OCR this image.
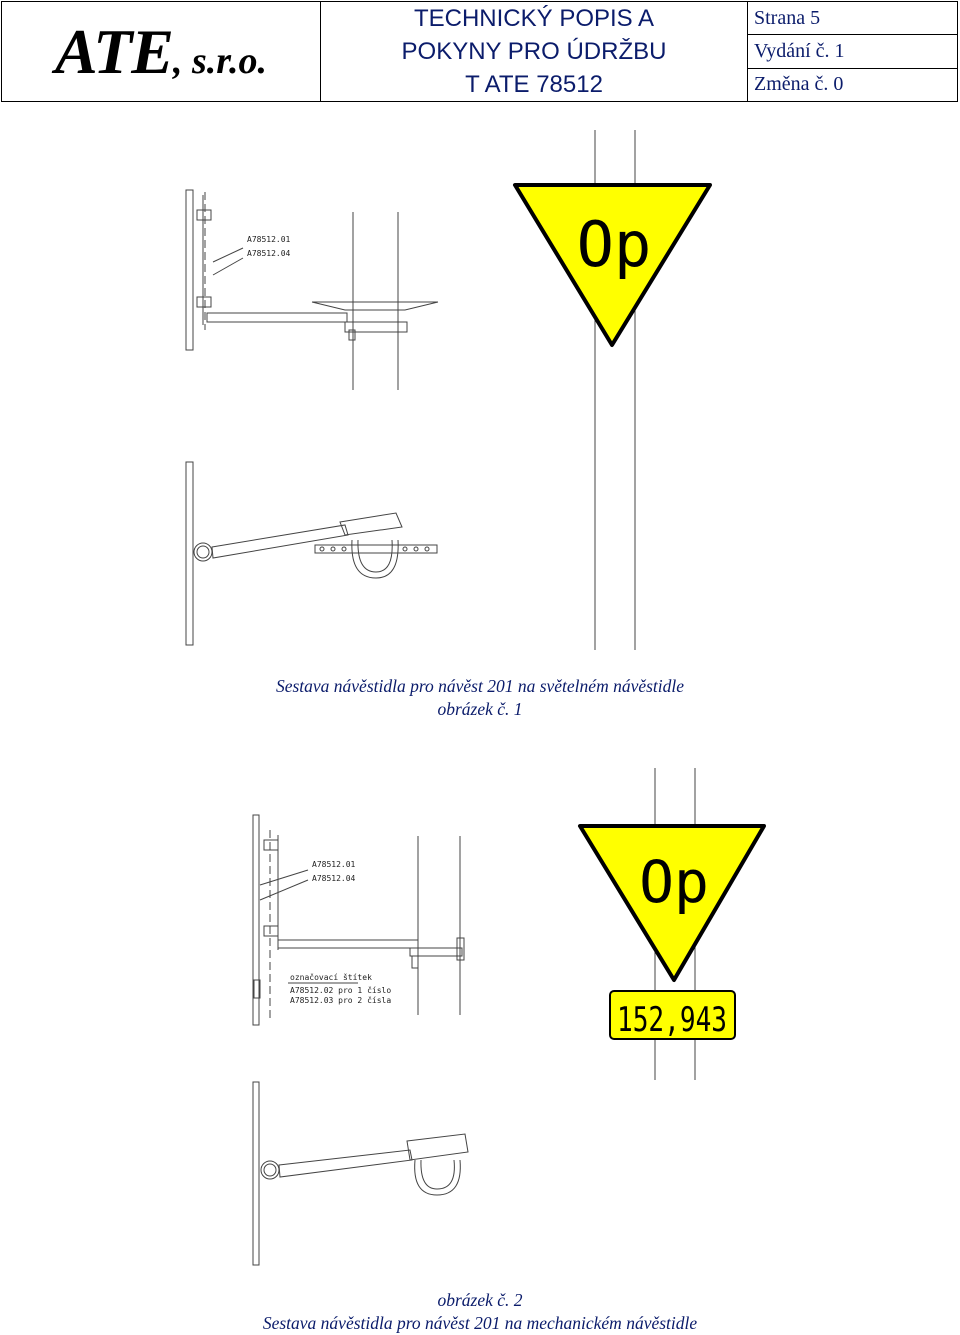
ATE , s.r.o.
TECHNICKÝ POPIS A
POKYNY PRO ÚDRŽBU
T ATE 78512
Strana 5
Vydání č. 1
Změna č. 0
A78512.01
A78512.04
A78512.01
A78512.04
označovací štítek
A78512.02 pro 1 číslo
A78512.03 pro 2 čísla
Op
Op
152,943
Sestava návěstidla pro návěst 201 na světelném návěstidle
obrázek č. 1
obrázek č. 2
Sestava návěstidla pro návěst 201 na mechanickém návěstidle
